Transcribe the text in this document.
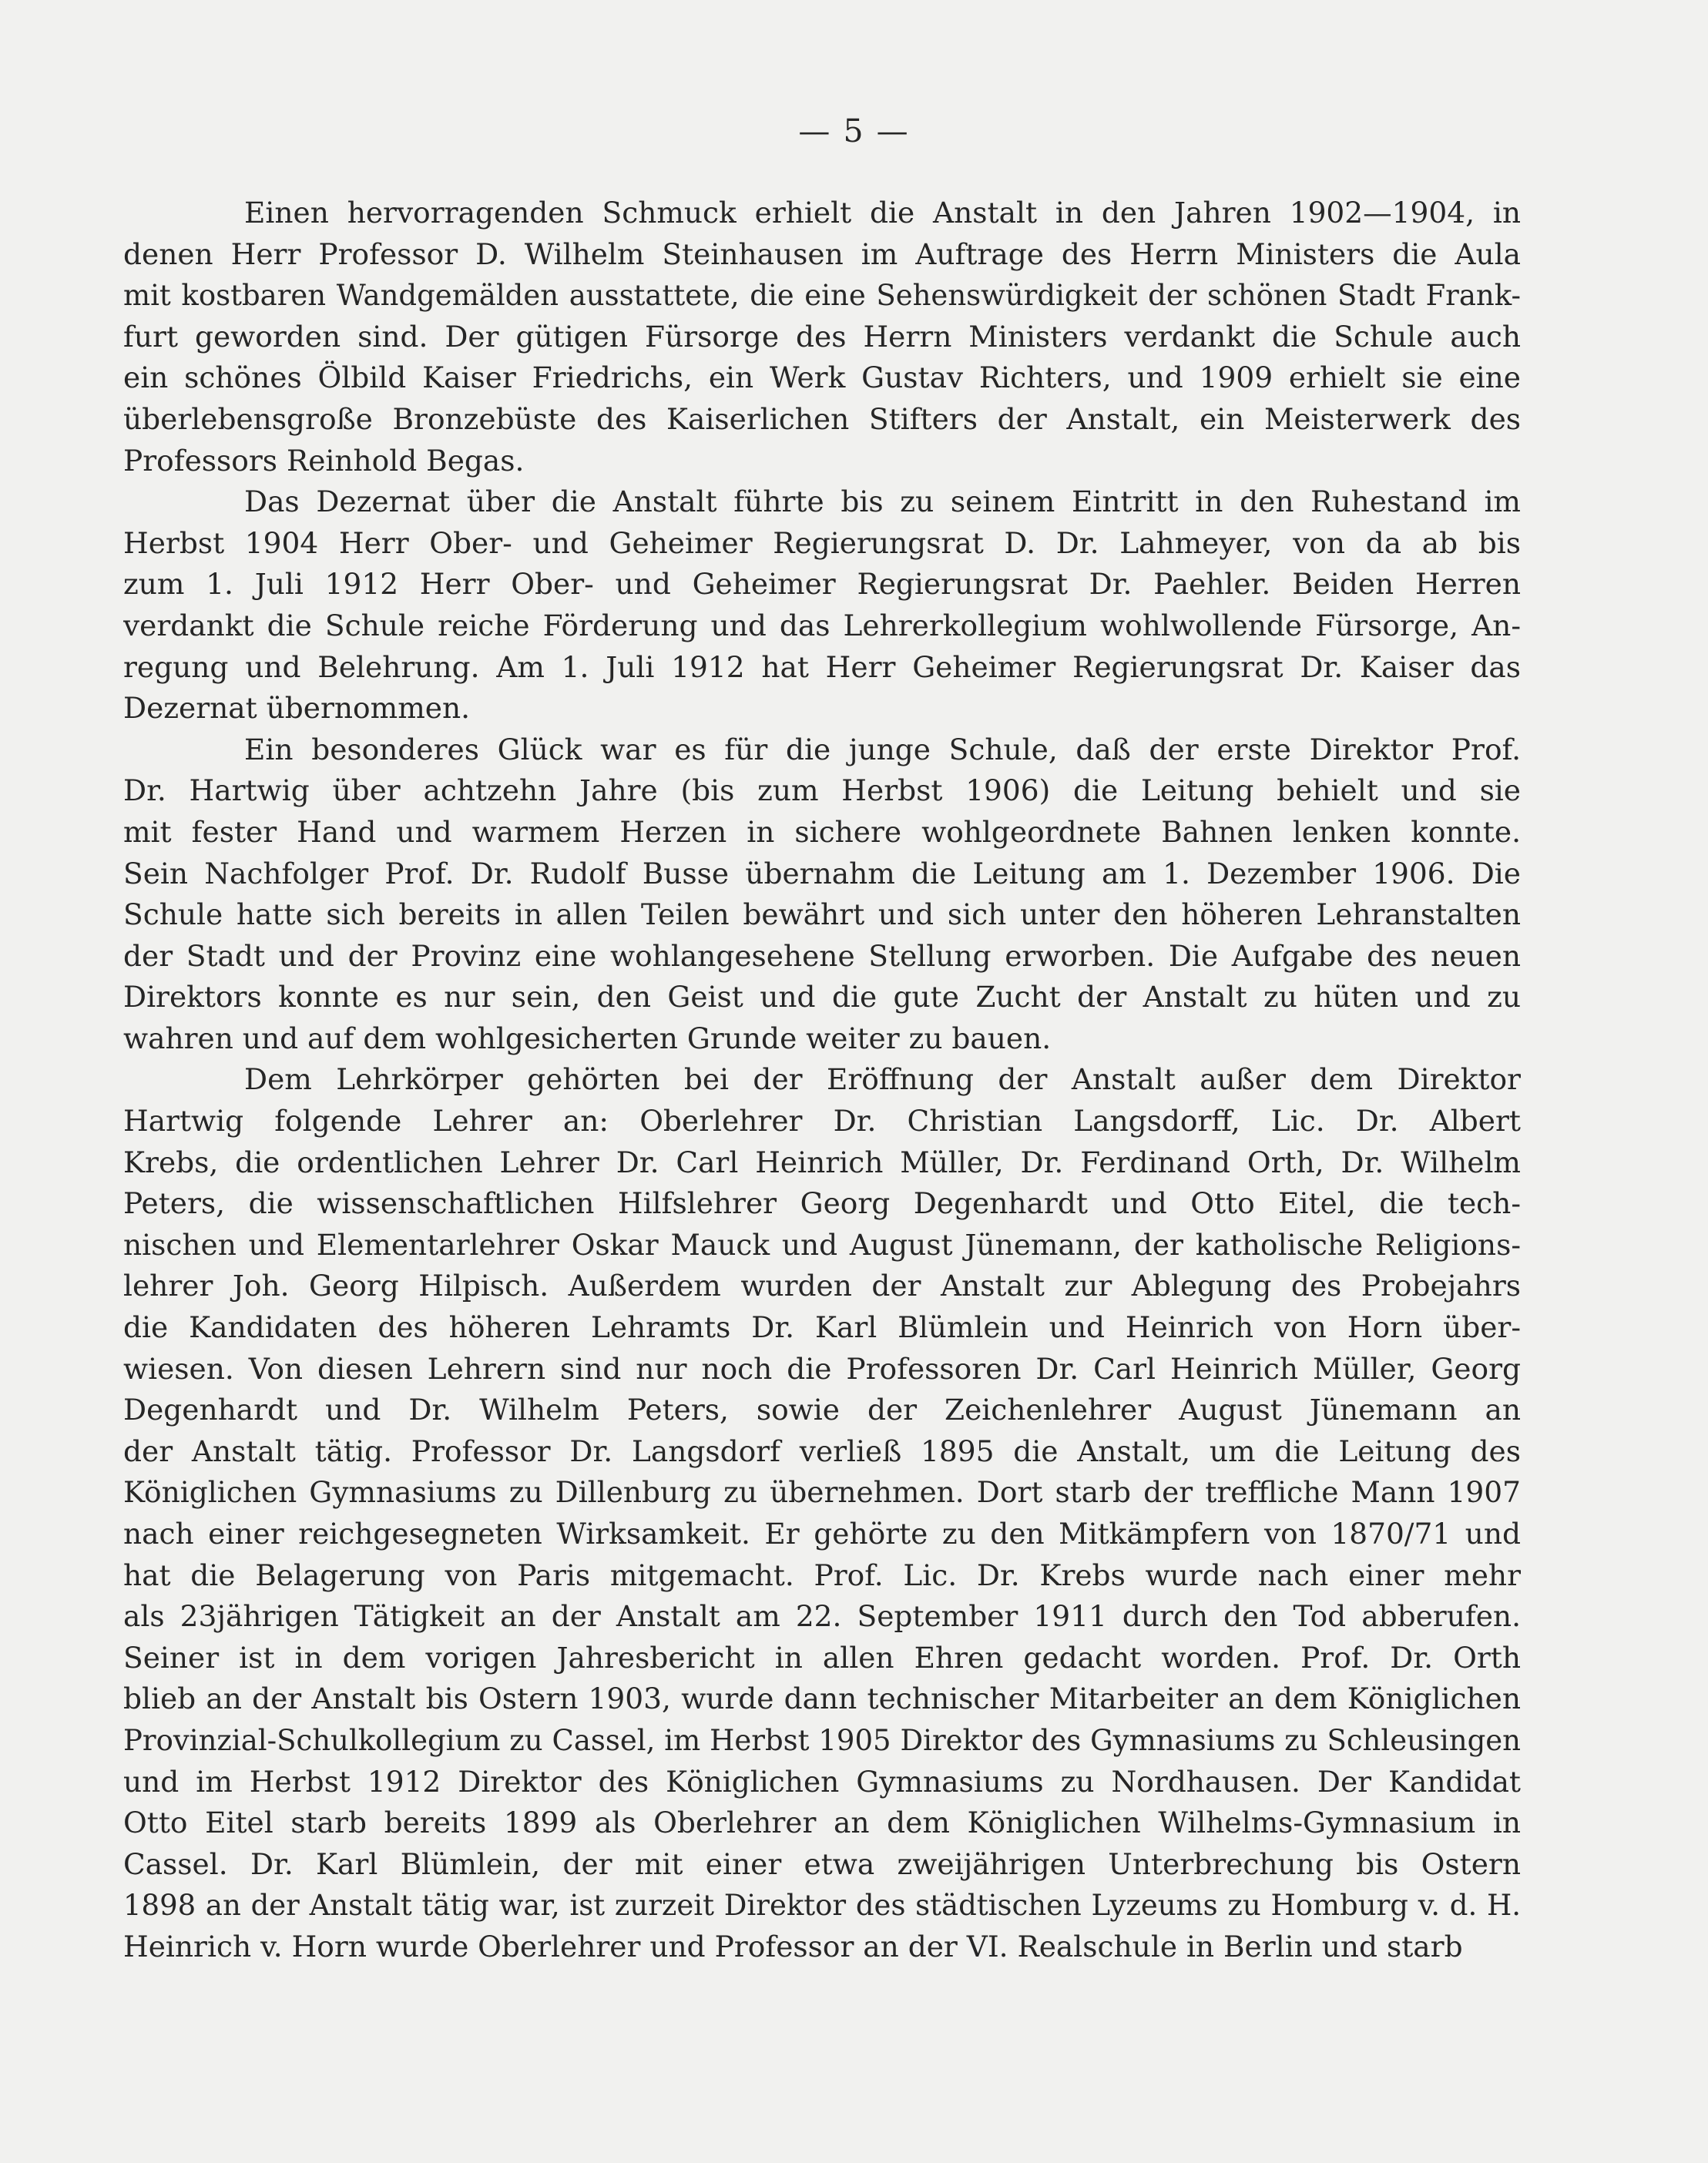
— 5 —
Einen hervorragenden Schmuck erhielt die Anstalt in den Jahren 1902—1904, in
denen Herr Professor D. Wilhelm Steinhausen im Auftrage des Herrn Ministers die Aula
mit kostbaren Wandgemälden ausstattete, die eine Sehenswürdigkeit der schönen Stadt Frank-
furt geworden sind. Der gütigen Fürsorge des Herrn Ministers verdankt die Schule auch
ein schönes Ölbild Kaiser Friedrichs, ein Werk Gustav Richters, und 1909 erhielt sie eine
überlebensgroße Bronzebüste des Kaiserlichen Stifters der Anstalt, ein Meisterwerk des
Professors Reinhold Begas.
Das Dezernat über die Anstalt führte bis zu seinem Eintritt in den Ruhestand im
Herbst 1904 Herr Ober- und Geheimer Regierungsrat D. Dr. Lahmeyer, von da ab bis
zum 1. Juli 1912 Herr Ober- und Geheimer Regierungsrat Dr. Paehler. Beiden Herren
verdankt die Schule reiche Förderung und das Lehrerkollegium wohlwollende Fürsorge, An-
regung und Belehrung. Am 1. Juli 1912 hat Herr Geheimer Regierungsrat Dr. Kaiser das
Dezernat übernommen.
Ein besonderes Glück war es für die junge Schule, daß der erste Direktor Prof.
Dr. Hartwig über achtzehn Jahre (bis zum Herbst 1906) die Leitung behielt und sie
mit fester Hand und warmem Herzen in sichere wohlgeordnete Bahnen lenken konnte.
Sein Nachfolger Prof. Dr. Rudolf Busse übernahm die Leitung am 1. Dezember 1906. Die
Schule hatte sich bereits in allen Teilen bewährt und sich unter den höheren Lehranstalten
der Stadt und der Provinz eine wohlangesehene Stellung erworben. Die Aufgabe des neuen
Direktors konnte es nur sein, den Geist und die gute Zucht der Anstalt zu hüten und zu
wahren und auf dem wohlgesicherten Grunde weiter zu bauen.
Dem Lehrkörper gehörten bei der Eröffnung der Anstalt außer dem Direktor
Hartwig folgende Lehrer an: Oberlehrer Dr. Christian Langsdorff, Lic. Dr. Albert
Krebs, die ordentlichen Lehrer Dr. Carl Heinrich Müller, Dr. Ferdinand Orth, Dr. Wilhelm
Peters, die wissenschaftlichen Hilfslehrer Georg Degenhardt und Otto Eitel, die tech-
nischen und Elementarlehrer Oskar Mauck und August Jünemann, der katholische Religions-
lehrer Joh. Georg Hilpisch. Außerdem wurden der Anstalt zur Ablegung des Probejahrs
die Kandidaten des höheren Lehramts Dr. Karl Blümlein und Heinrich von Horn über-
wiesen. Von diesen Lehrern sind nur noch die Professoren Dr. Carl Heinrich Müller, Georg
Degenhardt und Dr. Wilhelm Peters, sowie der Zeichenlehrer August Jünemann an
der Anstalt tätig. Professor Dr. Langsdorf verließ 1895 die Anstalt, um die Leitung des
Königlichen Gymnasiums zu Dillenburg zu übernehmen. Dort starb der treffliche Mann 1907
nach einer reichgesegneten Wirksamkeit. Er gehörte zu den Mitkämpfern von 1870/71 und
hat die Belagerung von Paris mitgemacht. Prof. Lic. Dr. Krebs wurde nach einer mehr
als 23jährigen Tätigkeit an der Anstalt am 22. September 1911 durch den Tod abberufen.
Seiner ist in dem vorigen Jahresbericht in allen Ehren gedacht worden. Prof. Dr. Orth
blieb an der Anstalt bis Ostern 1903, wurde dann technischer Mitarbeiter an dem Königlichen
Provinzial-Schulkollegium zu Cassel, im Herbst 1905 Direktor des Gymnasiums zu Schleusingen
und im Herbst 1912 Direktor des Königlichen Gymnasiums zu Nordhausen. Der Kandidat
Otto Eitel starb bereits 1899 als Oberlehrer an dem Königlichen Wilhelms-Gymnasium in
Cassel. Dr. Karl Blümlein, der mit einer etwa zweijährigen Unterbrechung bis Ostern
1898 an der Anstalt tätig war, ist zurzeit Direktor des städtischen Lyzeums zu Homburg v. d. H.
Heinrich v. Horn wurde Oberlehrer und Professor an der VI. Realschule in Berlin und starb
